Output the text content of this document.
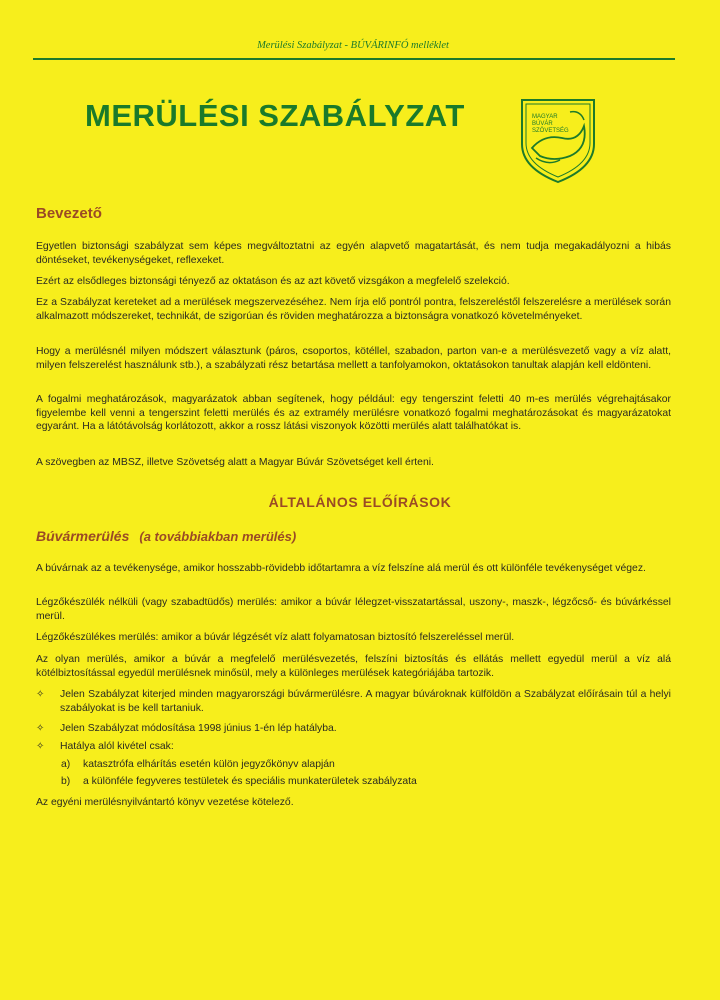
Merülési Szabályzat - BÚVÁRINFÓ melléklet
MERÜLÉSI SZABÁLYZAT	MAGYAR
BÚVÁR
SZÖVETSÉG
Bevezető
Egyetlen biztonsági szabályzat sem képes megváltoztatni az egyén alapvető magatartását, és nem tudja megakadályozni a hibás döntéseket, tevékenységeket, reflexeket.
Ezért az elsődleges biztonsági tényező az oktatáson és az azt követő vizsgákon a megfelelő szelekció.
Ez a Szabályzat kereteket ad a merülések megszervezéséhez. Nem írja elő pontról pontra, felszereléstől felszerelésre a merülések során alkalmazott módszereket, technikát, de szigorúan és röviden meghatározza a biztonságra vonatkozó követelményeket.
Hogy a merülésnél milyen módszert választunk (páros, csoportos, kötéllel, szabadon, parton van-e a merülésvezető vagy a víz alatt, milyen felszerelést használunk stb.), a szabályzati rész betartása mellett a tanfolyamokon, oktatásokon tanultak alapján kell eldönteni.
A fogalmi meghatározások, magyarázatok abban segítenek, hogy például: egy tengerszint feletti 40 m-es merülés végrehajtásakor figyelembe kell venni a tengerszint feletti merülés és az extramély merülésre vonatkozó fogalmi meghatározásokat és magyarázatokat egyaránt. Ha a látótávolság korlátozott, akkor a rossz látási viszonyok közötti merülés alatt találhatókat is.
A szövegben az MBSZ, illetve Szövetség alatt a Magyar Búvár Szövetséget kell érteni.
ÁLTALÁNOS ELŐÍRÁSOK
Búvármerülés (a továbbiakban merülés)
A búvárnak az a tevékenysége, amikor hosszabb-rövidebb időtartamra a víz felszíne alá merül és ott különféle tevékenységet végez.
Légzőkészülék nélküli (vagy szabadtüdős) merülés: amikor a búvár lélegzet-visszatartással, uszony-, maszk-, légzőcső- és búvárkéssel merül.
Légzőkészülékes merülés: amikor a búvár légzését víz alatt folyamatosan biztosító felszereléssel merül.
Az olyan merülés, amikor a búvár a megfelelő merülésvezetés, felszíni biztosítás és ellátás mellett egyedül merül a víz alá kötélbiztosítással egyedül merülésnek minősül, mely a különleges merülések kategóriájába tartozik.
✧	Jelen Szabályzat kiterjed minden magyarországi búvármerülésre. A magyar búvároknak külföldön a Szabályzat előírásain túl a helyi szabályokat is be kell tartaniuk.
✧	Jelen Szabályzat módosítása 1998 június 1-én lép hatályba.
✧	Hatálya alól kivétel csak:
a) katasztrófa elhárítás esetén külön jegyzőkönyv alapján
b) a különféle fegyveres testületek és speciális munkaterületek szabályzata
Az egyéni merülésnyilvántartó könyv vezetése kötelező.
